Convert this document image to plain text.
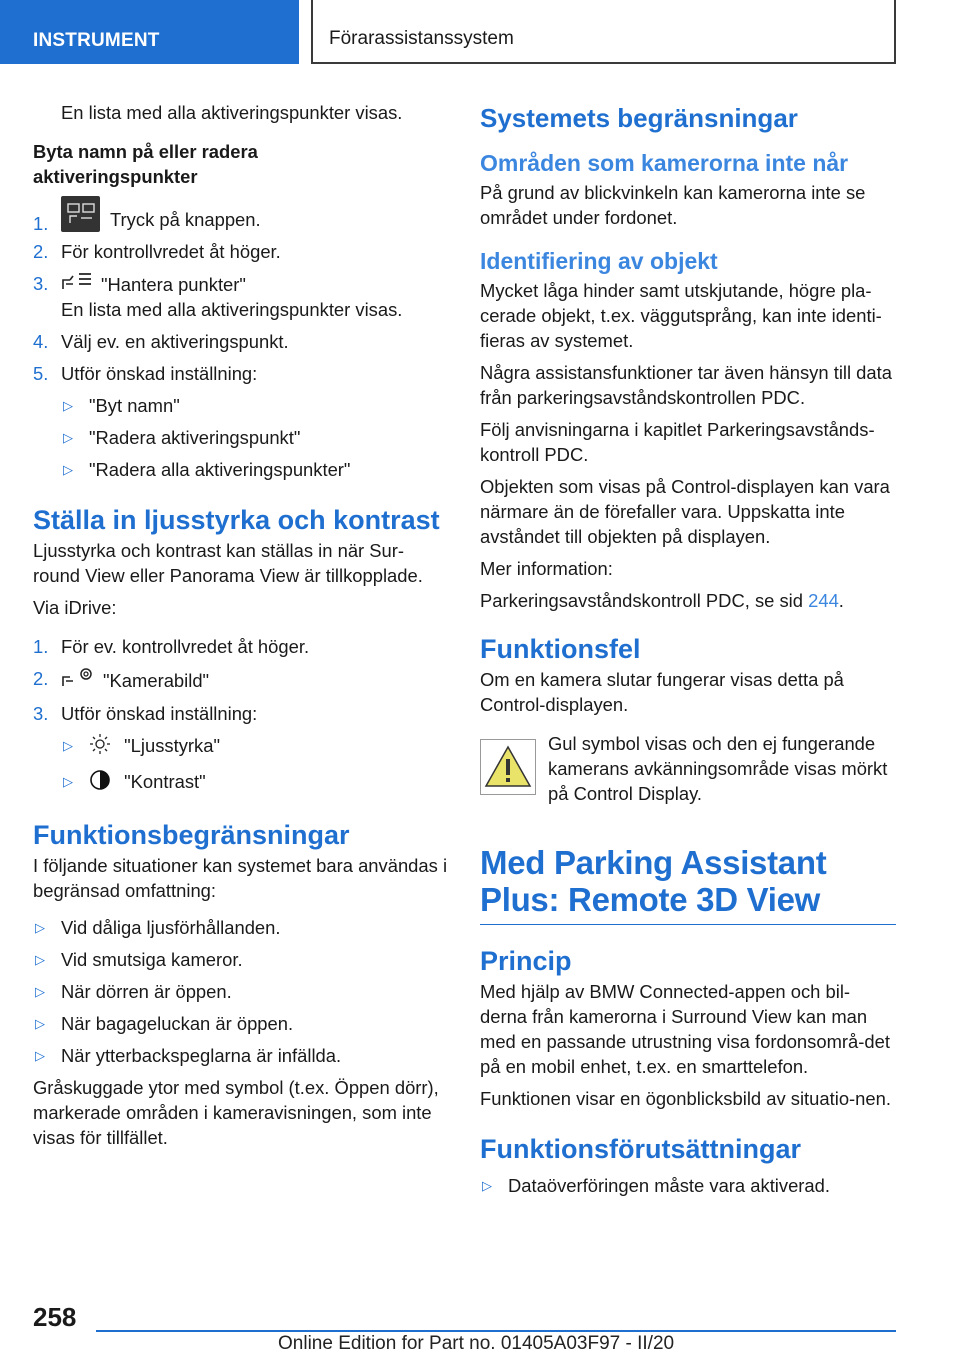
INSTRUMENT	Förarassistanssystem

En lista med alla aktiveringspunkter visas.

Byta namn på eller radera aktiveringspunkter
1.	Tryck på knappen.
2. För kontrollvredet åt höger.
3.	"Hantera punkter"
En lista med alla aktiveringspunkter visas.
4. Välj ev. en aktiveringspunkt.
5. Utför önskad inställning:
▷ "Byt namn"
▷ "Radera aktiveringspunkt"
▷ "Radera alla aktiveringspunkter"
Ställa in ljusstyrka och kontrast

Ljusstyrka och kontrast kan ställas in när Sur‐round View eller Panorama View är tillkopplade.

Via iDrive:

1. För ev. kontrollvredet åt höger.
2.	"Kamerabild"
3. Utför önskad inställning:
▷	"Ljusstyrka"
▷	"Kontrast"
Funktionsbegränsningar

I följande situationer kan systemet bara användas i begränsad omfattning:

▷ Vid dåliga ljusförhållanden.
▷ Vid smutsiga kameror.
▷ När dörren är öppen.
▷ När bagageluckan är öppen.
▷ När ytterbackspeglarna är infällda.

Gråskuggade ytor med symbol (t.ex. Öppen dörr), markerade områden i kameravisningen, som inte visas för tillfället.

Systemets begränsningar
Områden som kamerorna inte når

På grund av blickvinkeln kan kamerorna inte se området under fordonet.

Identifiering av objekt

Mycket låga hinder samt utskjutande, högre pla‐cerade objekt, t.ex. väggutsprång, kan inte identi‐fieras av systemet.

Några assistansfunktioner tar även hänsyn till data från parkeringsavståndskontrollen PDC.

Följ anvisningarna i kapitlet Parkeringsavstånds‐kontroll PDC.

Objekten som visas på Control-displayen kan vara närmare än de förefaller vara. Uppskatta inte avståndet till objekten på displayen.

Mer information:

Parkeringsavståndskontroll PDC, se sid 244.

Funktionsfel

Om en kamera slutar fungerar visas detta på Control-displayen.

Gul symbol visas och den ej fungerande kamerans avkänningsområde visas mörkt på Control Display.
Med Parking Assistant Plus: Remote 3D View
Princip

Med hjälp av BMW Connected-appen och bil‐derna från kamerorna i Surround View kan man med en passande utrustning visa fordonsområ‐det på en mobil enhet, t.ex. en smarttelefon.

Funktionen visar en ögonblicksbild av situatio‐nen.

Funktionsförutsättningar
▷ Dataöverföringen måste vara aktiverad.
258
Online Edition for Part no. 01405A03F97 - II/20
